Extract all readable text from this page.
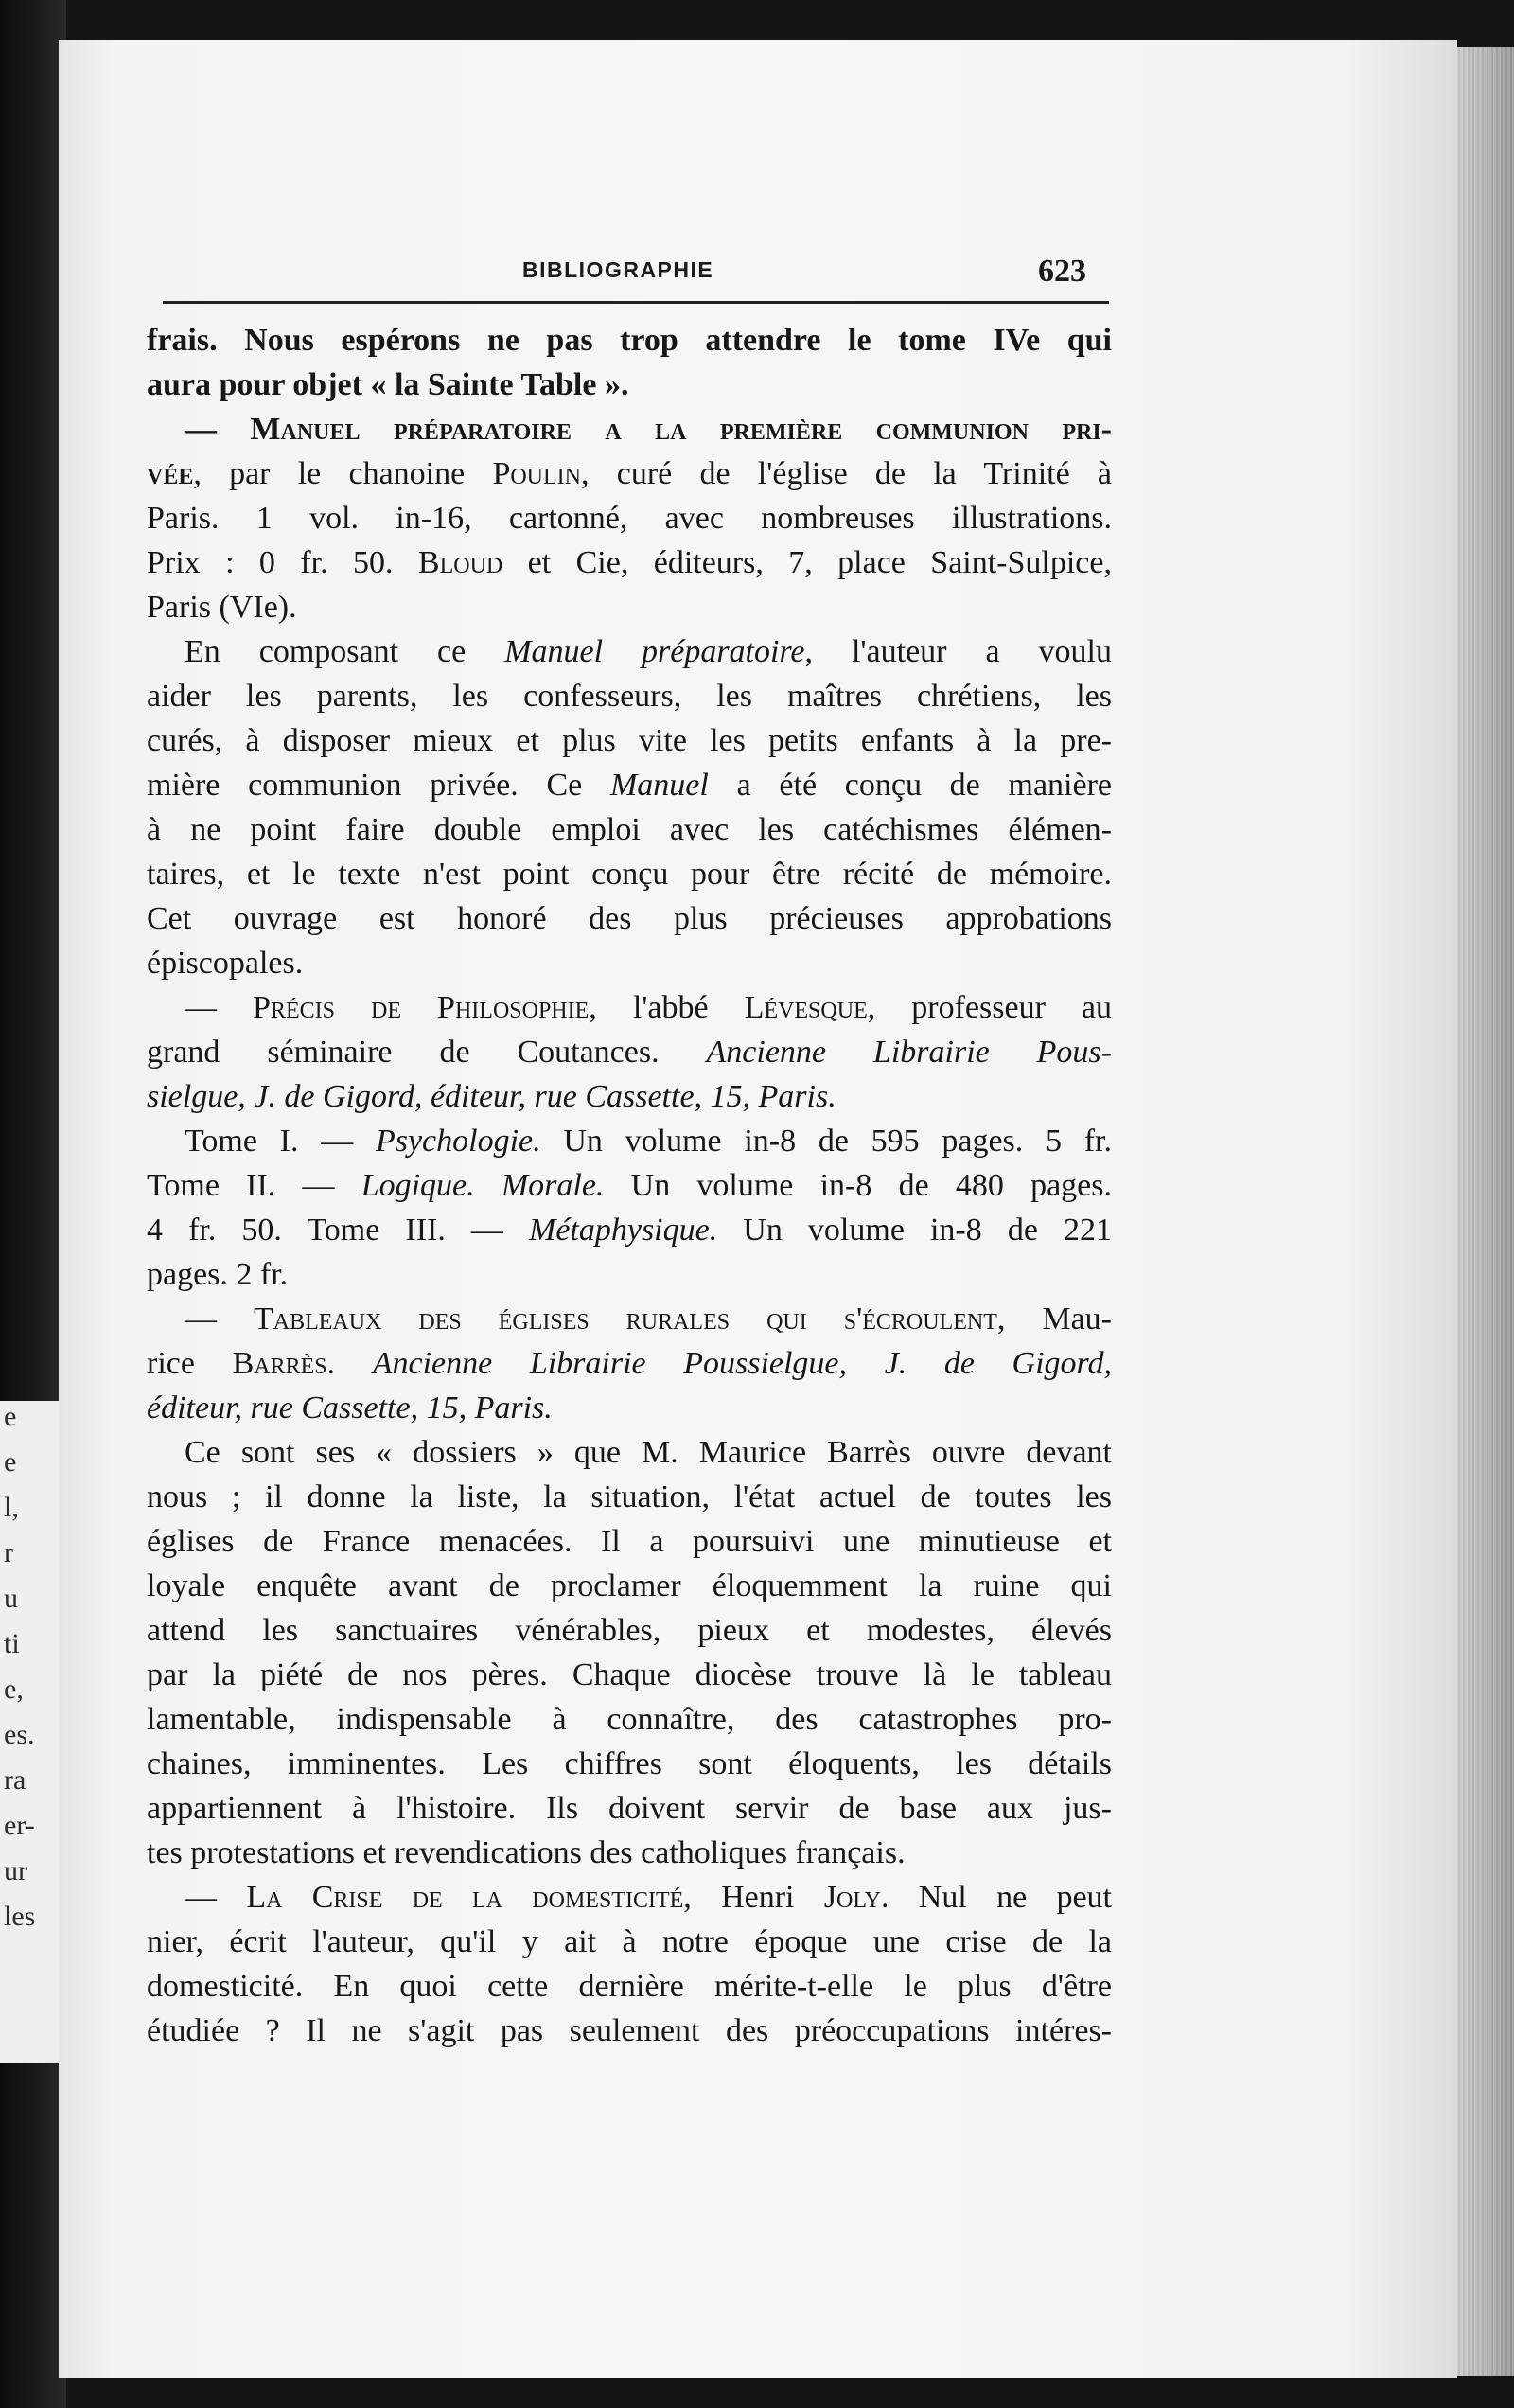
e
e
l,
r
u
ti
e,
es.
ra
er-
ur
les
BIBLIOGRAPHIE	623
frais. Nous espérons ne pas trop attendre le tome IVe qui
aura pour objet « la Sainte Table ».
— Manuel préparatoire a la première communion pri-
vée, par le chanoine Poulin, curé de l'église de la Trinité à
Paris. 1 vol. in-16, cartonné, avec nombreuses illustrations.
Prix : 0 fr. 50. Bloud et Cie, éditeurs, 7, place Saint-Sulpice,
Paris (VIe).
En composant ce Manuel préparatoire, l'auteur a voulu
aider les parents, les confesseurs, les maîtres chrétiens, les
curés, à disposer mieux et plus vite les petits enfants à la pre-
mière communion privée. Ce Manuel a été conçu de manière
à ne point faire double emploi avec les catéchismes élémen-
taires, et le texte n'est point conçu pour être récité de mémoire.
Cet ouvrage est honoré des plus précieuses approbations
épiscopales.
— Précis de Philosophie, l'abbé Lévesque, professeur au
grand séminaire de Coutances. Ancienne Librairie Pous-
sielgue, J. de Gigord, éditeur, rue Cassette, 15, Paris.
Tome I. — Psychologie. Un volume in-8 de 595 pages. 5 fr.
Tome II. — Logique. Morale. Un volume in-8 de 480 pages.
4 fr. 50. Tome III. — Métaphysique. Un volume in-8 de 221
pages. 2 fr.
— Tableaux des églises rurales qui s'écroulent, Mau-
rice Barrès. Ancienne Librairie Poussielgue, J. de Gigord,
éditeur, rue Cassette, 15, Paris.
Ce sont ses « dossiers » que M. Maurice Barrès ouvre devant
nous ; il donne la liste, la situation, l'état actuel de toutes les
églises de France menacées. Il a poursuivi une minutieuse et
loyale enquête avant de proclamer éloquemment la ruine qui
attend les sanctuaires vénérables, pieux et modestes, élevés
par la piété de nos pères. Chaque diocèse trouve là le tableau
lamentable, indispensable à connaître, des catastrophes pro-
chaines, imminentes. Les chiffres sont éloquents, les détails
appartiennent à l'histoire. Ils doivent servir de base aux jus-
tes protestations et revendications des catholiques français.
— La Crise de la domesticité, Henri Joly. Nul ne peut
nier, écrit l'auteur, qu'il y ait à notre époque une crise de la
domesticité. En quoi cette dernière mérite-t-elle le plus d'être
étudiée ? Il ne s'agit pas seulement des préoccupations intéres-
